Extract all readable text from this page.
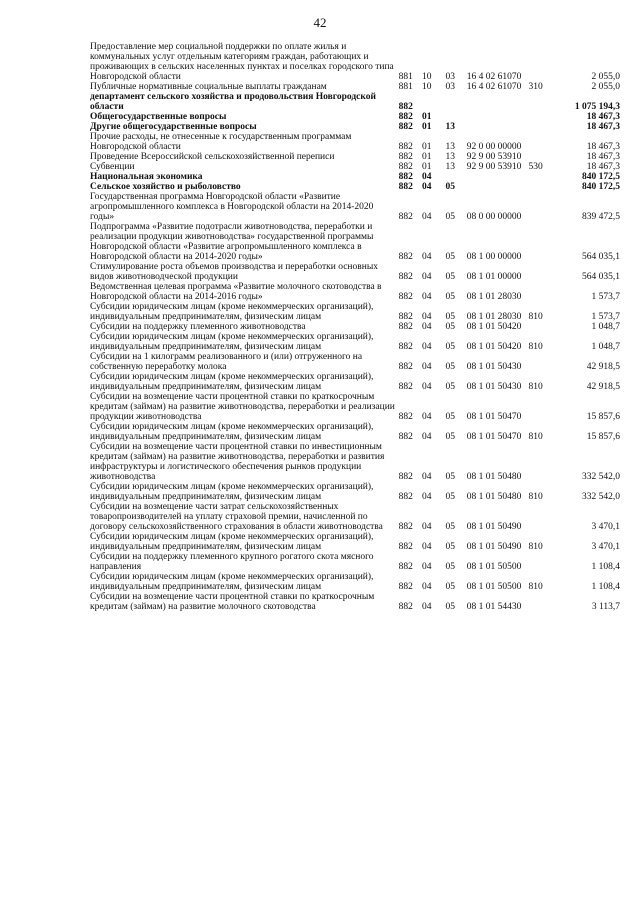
42
Предоставление мер социальной поддержки по оплате жилья и коммунальных услуг отдельным категориям граждан, работающих и проживающих в сельских населенных пунктах и поселках городского типа Новгородской области	881	10	03	16 4 02 61070		2 055,0
Публичные нормативные социальные выплаты гражданам	881	10	03	16 4 02 61070	310	2 055,0
департамент сельского хозяйства и продовольствия Новгородской области	882					1 075 194,3
Общегосударственные вопросы	882	01				18 467,3
Другие общегосударственные вопросы	882	01	13			18 467,3
Прочие расходы, не отнесенные к государственным программам Новгородской области	882	01	13	92 0 00 00000		18 467,3
Проведение Всероссийской сельскохозяйственной переписи	882	01	13	92 9 00 53910		18 467,3
Субвенции	882	01	13	92 9 00 53910	530	18 467,3
Национальная экономика	882	04				840 172,5
Сельское хозяйство и рыболовство	882	04	05			840 172,5
Государственная программа Новгородской области «Развитие агропромышленного комплекса в Новгородской области на 2014-2020 годы»	882	04	05	08 0 00 00000		839 472,5
Подпрограмма «Развитие подотрасли животноводства, переработки и реализации продукции животноводства» государственной программы Новгородской области «Развитие агропромышленного комплекса в Новгородской области на 2014-2020 годы»	882	04	05	08 1 00 00000		564 035,1
Стимулирование роста объемов производства и переработки основных видов животноводческой продукции	882	04	05	08 1 01 00000		564 035,1
Ведомственная целевая программа «Развитие молочного скотоводства в Новгородской области на 2014-2016 годы»	882	04	05	08 1 01 28030		1 573,7
Субсидии юридическим лицам (кроме некоммерческих организаций), индивидуальным предпринимателям, физическим лицам	882	04	05	08 1 01 28030	810	1 573,7
Субсидии на поддержку племенного животноводства	882	04	05	08 1 01 50420		1 048,7
Субсидии юридическим лицам (кроме некоммерческих организаций), индивидуальным предпринимателям, физическим лицам	882	04	05	08 1 01 50420	810	1 048,7
Субсидии на 1 килограмм реализованного и (или) отгруженного на собственную переработку молока	882	04	05	08 1 01 50430		42 918,5
Субсидии юридическим лицам (кроме некоммерческих организаций), индивидуальным предпринимателям, физическим лицам	882	04	05	08 1 01 50430	810	42 918,5
Субсидии на возмещение части процентной ставки по краткосрочным кредитам (займам) на развитие животноводства, переработки и реализации продукции животноводства	882	04	05	08 1 01 50470		15 857,6
Субсидии юридическим лицам (кроме некоммерческих организаций), индивидуальным предпринимателям, физическим лицам	882	04	05	08 1 01 50470	810	15 857,6
Субсидии на возмещение части процентной ставки по инвестиционным кредитам (займам) на развитие животноводства, переработки и развития инфраструктуры и логистического обеспечения рынков продукции животноводства	882	04	05	08 1 01 50480		332 542,0
Субсидии юридическим лицам (кроме некоммерческих организаций), индивидуальным предпринимателям, физическим лицам	882	04	05	08 1 01 50480	810	332 542,0
Субсидии на возмещение части затрат сельскохозяйственных товаропроизводителей на уплату страховой премии, начисленной по договору сельскохозяйственного страхования в области животноводства	882	04	05	08 1 01 50490		3 470,1
Субсидии юридическим лицам (кроме некоммерческих организаций), индивидуальным предпринимателям, физическим лицам	882	04	05	08 1 01 50490	810	3 470,1
Субсидии на поддержку племенного крупного рогатого скота мясного направления	882	04	05	08 1 01 50500		1 108,4
Субсидии юридическим лицам (кроме некоммерческих организаций), индивидуальным предпринимателям, физическим лицам	882	04	05	08 1 01 50500	810	1 108,4
Субсидии на возмещение части процентной ставки по краткосрочным кредитам (займам) на развитие молочного скотоводства	882	04	05	08 1 01 54430		3 113,7
